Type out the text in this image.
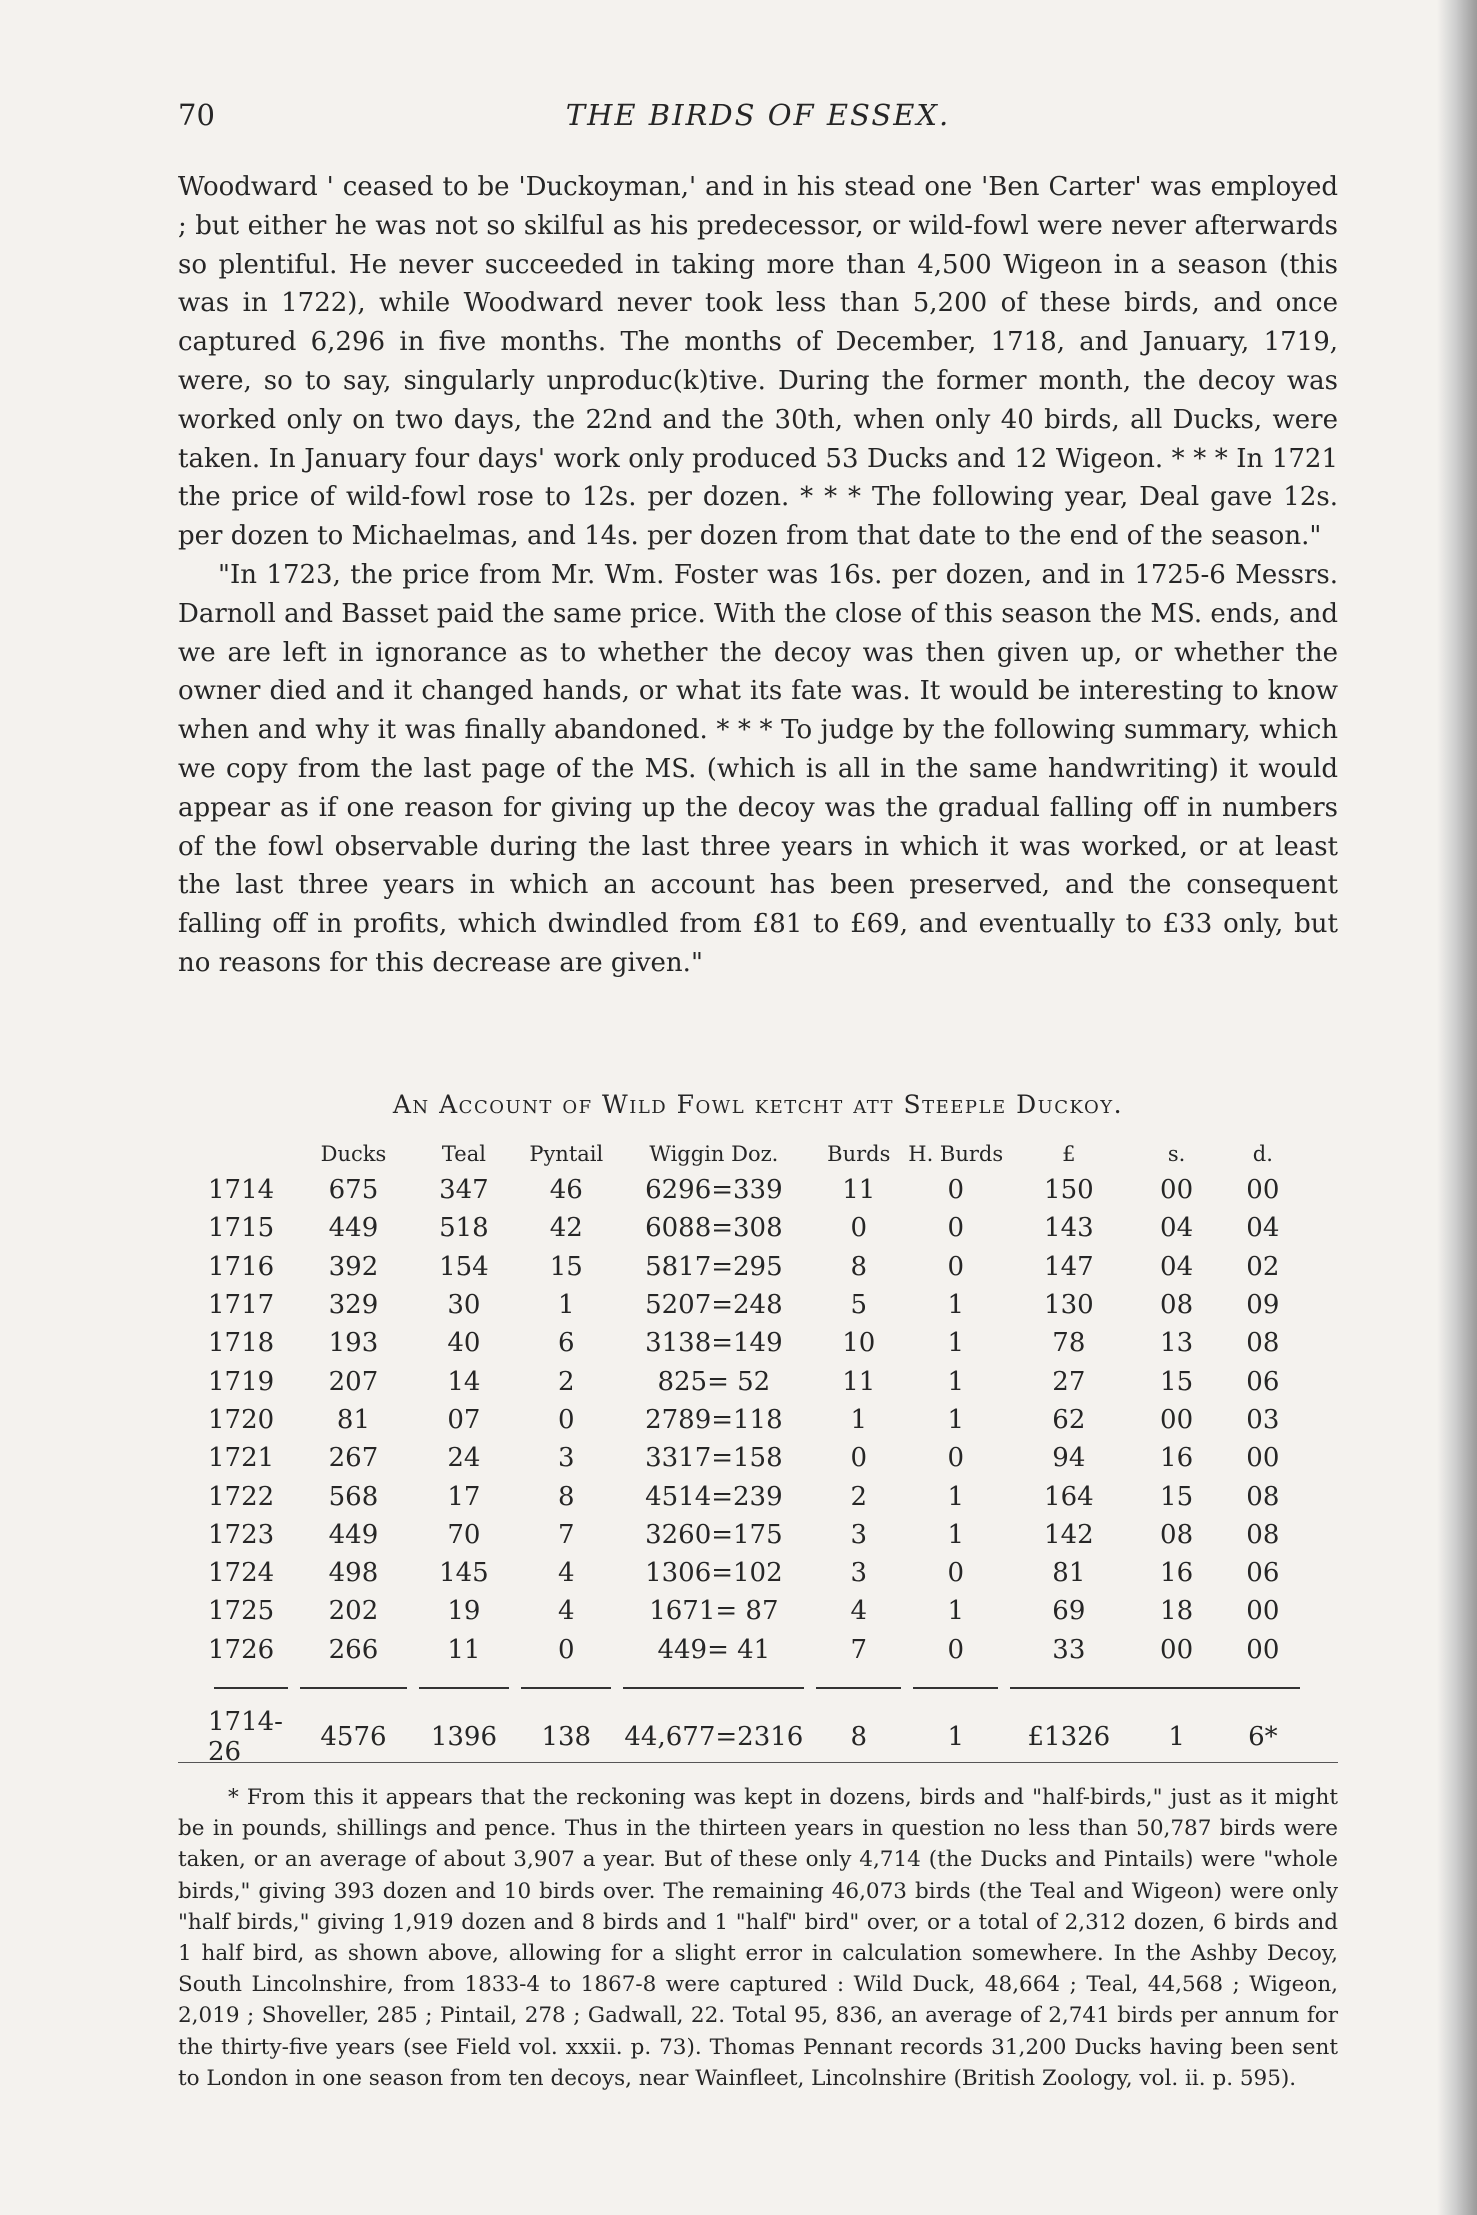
70	THE BIRDS OF ESSEX.

Woodward ' ceased to be 'Duckoyman,' and in his stead one 'Ben Carter' was employed ; but either he was not so skilful as his predecessor, or wild-fowl were never afterwards so plentiful. He never succeeded in taking more than 4,500 Wigeon in a season (this was in 1722), while Woodward never took less than 5,200 of these birds, and once captured 6,296 in five months. The months of December, 1718, and January, 1719, were, so to say, singularly unproduc(k)tive. During the former month, the decoy was worked only on two days, the 22nd and the 30th, when only 40 birds, all Ducks, were taken. In January four days' work only produced 53 Ducks and 12 Wigeon. * * * In 1721 the price of wild-fowl rose to 12s. per dozen. * * * The following year, Deal gave 12s. per dozen to Michaelmas, and 14s. per dozen from that date to the end of the season."

"In 1723, the price from Mr. Wm. Foster was 16s. per dozen, and in 1725-6 Messrs. Darnoll and Basset paid the same price. With the close of this season the MS. ends, and we are left in ignorance as to whether the decoy was then given up, or whether the owner died and it changed hands, or what its fate was. It would be interesting to know when and why it was finally abandoned. * * * To judge by the following summary, which we copy from the last page of the MS. (which is all in the same handwriting) it would appear as if one reason for giving up the decoy was the gradual falling off in numbers of the fowl observable during the last three years in which it was worked, or at least the last three years in which an account has been preserved, and the consequent falling off in profits, which dwindled from £81 to £69, and eventually to £33 only, but no reasons for this decrease are given."

An Account of Wild Fowl ketcht att Steeple Duckoy.
	Ducks	Teal	Pyntail	Wiggin Doz.	Burds	H. Burds	£	s.	d.
1714	675	347	46	6296=339	11	0	150	00	00
1715	449	518	42	6088=308	0	0	143	04	04
1716	392	154	15	5817=295	8	0	147	04	02
1717	329	30	1	5207=248	5	1	130	08	09
1718	193	40	6	3138=149	10	1	78	13	08
1719	207	14	2	825= 52	11	1	27	15	06
1720	81	07	0	2789=118	1	1	62	00	03
1721	267	24	3	3317=158	0	0	94	16	00
1722	568	17	8	4514=239	2	1	164	15	08
1723	449	70	7	3260=175	3	1	142	08	08
1724	498	145	4	1306=102	3	0	81	16	06
1725	202	19	4	1671= 87	4	1	69	18	00
1726	266	11	0	449= 41	7	0	33	00	00

1714-26	4576	1396	138	44,677=2316	8	1	£1326	1	6*

* From this it appears that the reckoning was kept in dozens, birds and "half-birds," just as it might be in pounds, shillings and pence. Thus in the thirteen years in question no less than 50,787 birds were taken, or an average of about 3,907 a year. But of these only 4,714 (the Ducks and Pintails) were "whole birds," giving 393 dozen and 10 birds over. The remaining 46,073 birds (the Teal and Wigeon) were only "half birds," giving 1,919 dozen and 8 birds and 1 "half" bird" over, or a total of 2,312 dozen, 6 birds and 1 half bird, as shown above, allowing for a slight error in calculation somewhere. In the Ashby Decoy, South Lincolnshire, from 1833-4 to 1867-8 were captured : Wild Duck, 48,664 ; Teal, 44,568 ; Wigeon, 2,019 ; Shoveller, 285 ; Pintail, 278 ; Gadwall, 22. Total 95, 836, an average of 2,741 birds per annum for the thirty-five years (see Field vol. xxxii. p. 73). Thomas Pennant records 31,200 Ducks having been sent to London in one season from ten decoys, near Wainfleet, Lincolnshire (British Zoology, vol. ii. p. 595).
